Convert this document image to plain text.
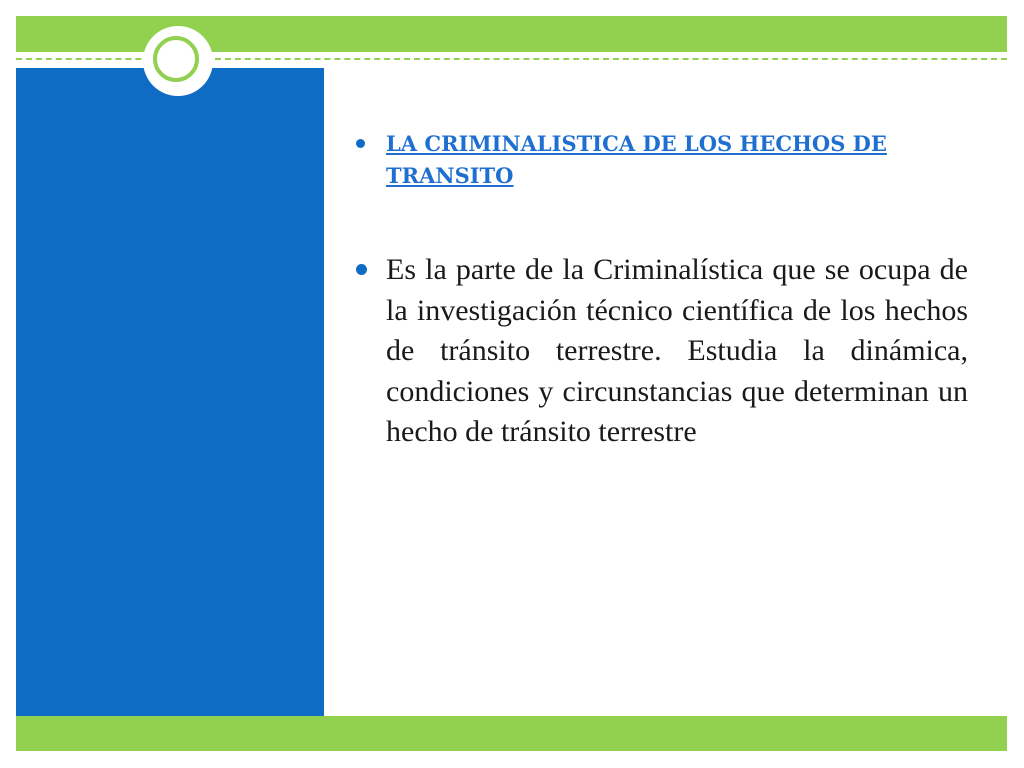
LA CRIMINALISTICA DE LOS HECHOS DE TRANSITO

Es la parte de la Criminalística que se ocupa de la investigación técnico científica de los hechos de tránsito terrestre. Estudia la dinámica, condiciones y circunstancias que determinan un hecho de tránsito terrestre
